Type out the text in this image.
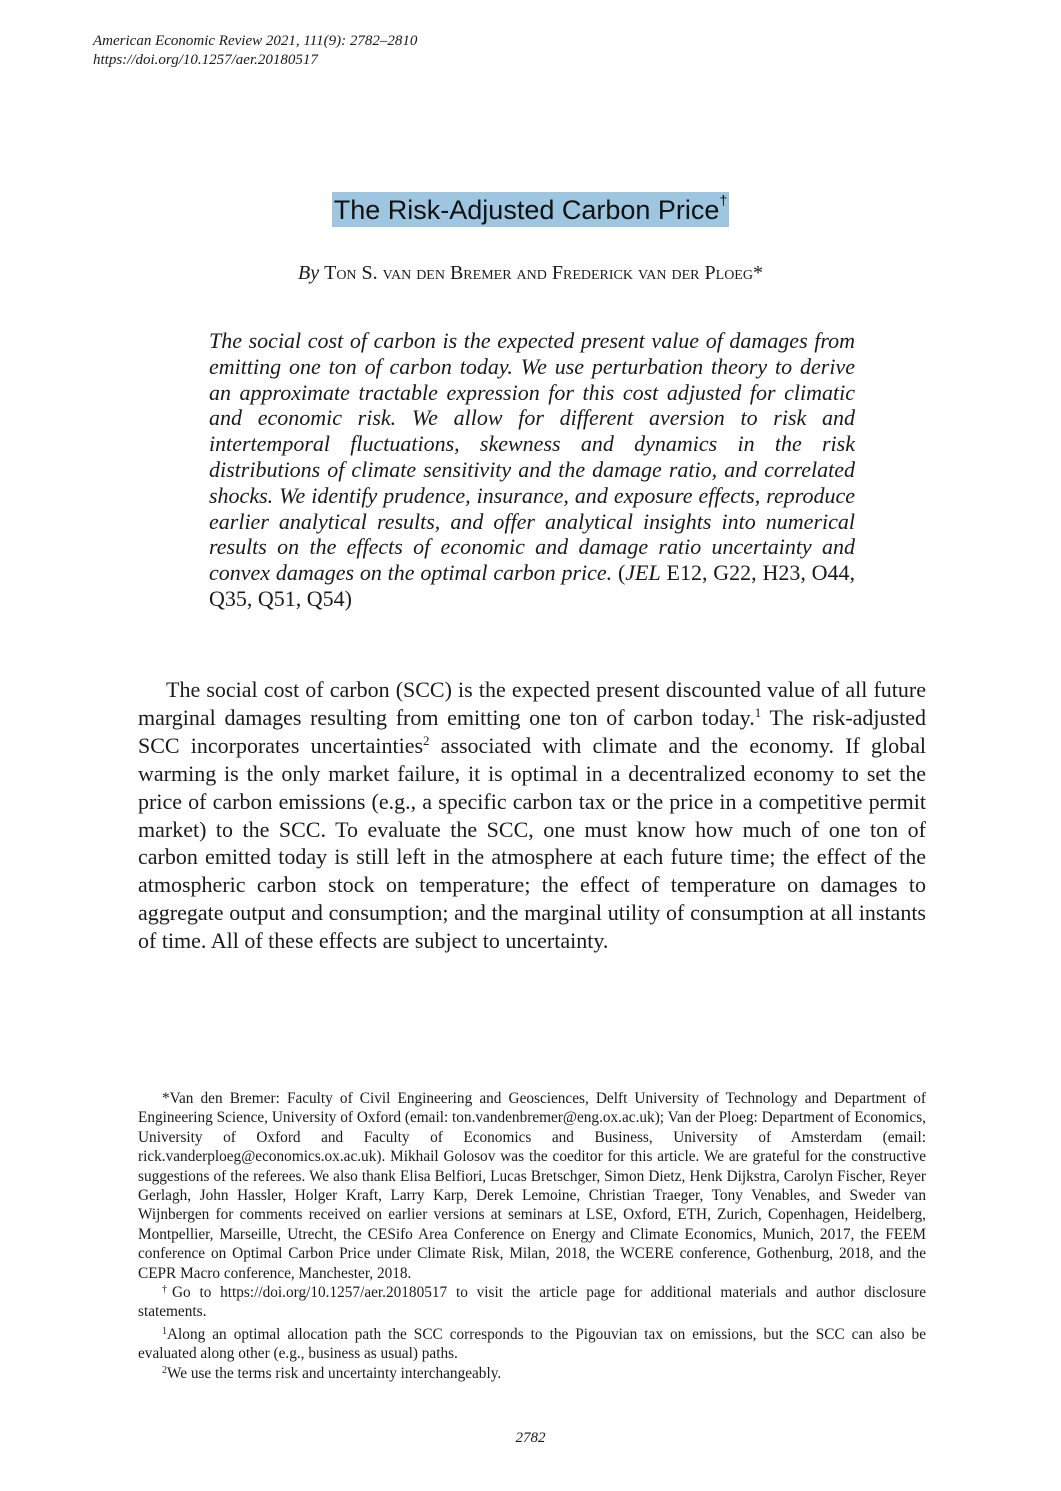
American Economic Review 2021, 111(9): 2782–2810
https://doi.org/10.1257/aer.20180517
The Risk-Adjusted Carbon Price†
By Ton S. van den Bremer and Frederick van der Ploeg*
The social cost of carbon is the expected present value of damages from emitting one ton of carbon today. We use perturbation theory to derive an approximate tractable expression for this cost adjusted for climatic and economic risk. We allow for different aversion to risk and intertemporal fluctuations, skewness and dynamics in the risk distributions of climate sensitivity and the damage ratio, and correlated shocks. We identify prudence, insurance, and exposure effects, reproduce earlier analytical results, and offer analytical insights into numerical results on the effects of economic and damage ratio uncertainty and convex damages on the optimal carbon price. (JEL E12, G22, H23, O44, Q35, Q51, Q54)
The social cost of carbon (SCC) is the expected present discounted value of all future marginal damages resulting from emitting one ton of carbon today.$^1$ The risk-adjusted SCC incorporates uncertainties$^2$ associated with climate and the economy. If global warming is the only market failure, it is optimal in a decentralized economy to set the price of carbon emissions (e.g., a specific carbon tax or the price in a competitive permit market) to the SCC. To evaluate the SCC, one must know how much of one ton of carbon emitted today is still left in the atmosphere at each future time; the effect of the atmospheric carbon stock on temperature; the effect of temperature on damages to aggregate output and consumption; and the marginal utility of consumption at all instants of time. All of these effects are subject to uncertainty.

*Van den Bremer: Faculty of Civil Engineering and Geosciences, Delft University of Technology and Department of Engineering Science, University of Oxford (email: ton.vandenbremer@eng.ox.ac.uk); Van der Ploeg: Department of Economics, University of Oxford and Faculty of Economics and Business, University of Amsterdam (email: rick.vanderploeg@economics.ox.ac.uk). Mikhail Golosov was the coeditor for this article. We are grateful for the constructive suggestions of the referees. We also thank Elisa Belfiori, Lucas Bretschger, Simon Dietz, Henk Dijkstra, Carolyn Fischer, Reyer Gerlagh, John Hassler, Holger Kraft, Larry Karp, Derek Lemoine, Christian Traeger, Tony Venables, and Sweder van Wijnbergen for comments received on earlier versions at seminars at LSE, Oxford, ETH, Zurich, Copenhagen, Heidelberg, Montpellier, Marseille, Utrecht, the CESifo Area Conference on Energy and Climate Economics, Munich, 2017, the FEEM conference on Optimal Carbon Price under Climate Risk, Milan, 2018, the WCERE conference, Gothenburg, 2018, and the CEPR Macro conference, Manchester, 2018.

†Go to https://doi.org/10.1257/aer.20180517 to visit the article page for additional materials and author disclosure statements.

$^1$Along an optimal allocation path the SCC corresponds to the Pigouvian tax on emissions, but the SCC can also be evaluated along other (e.g., business as usual) paths.

$^2$We use the terms risk and uncertainty interchangeably.

2782
